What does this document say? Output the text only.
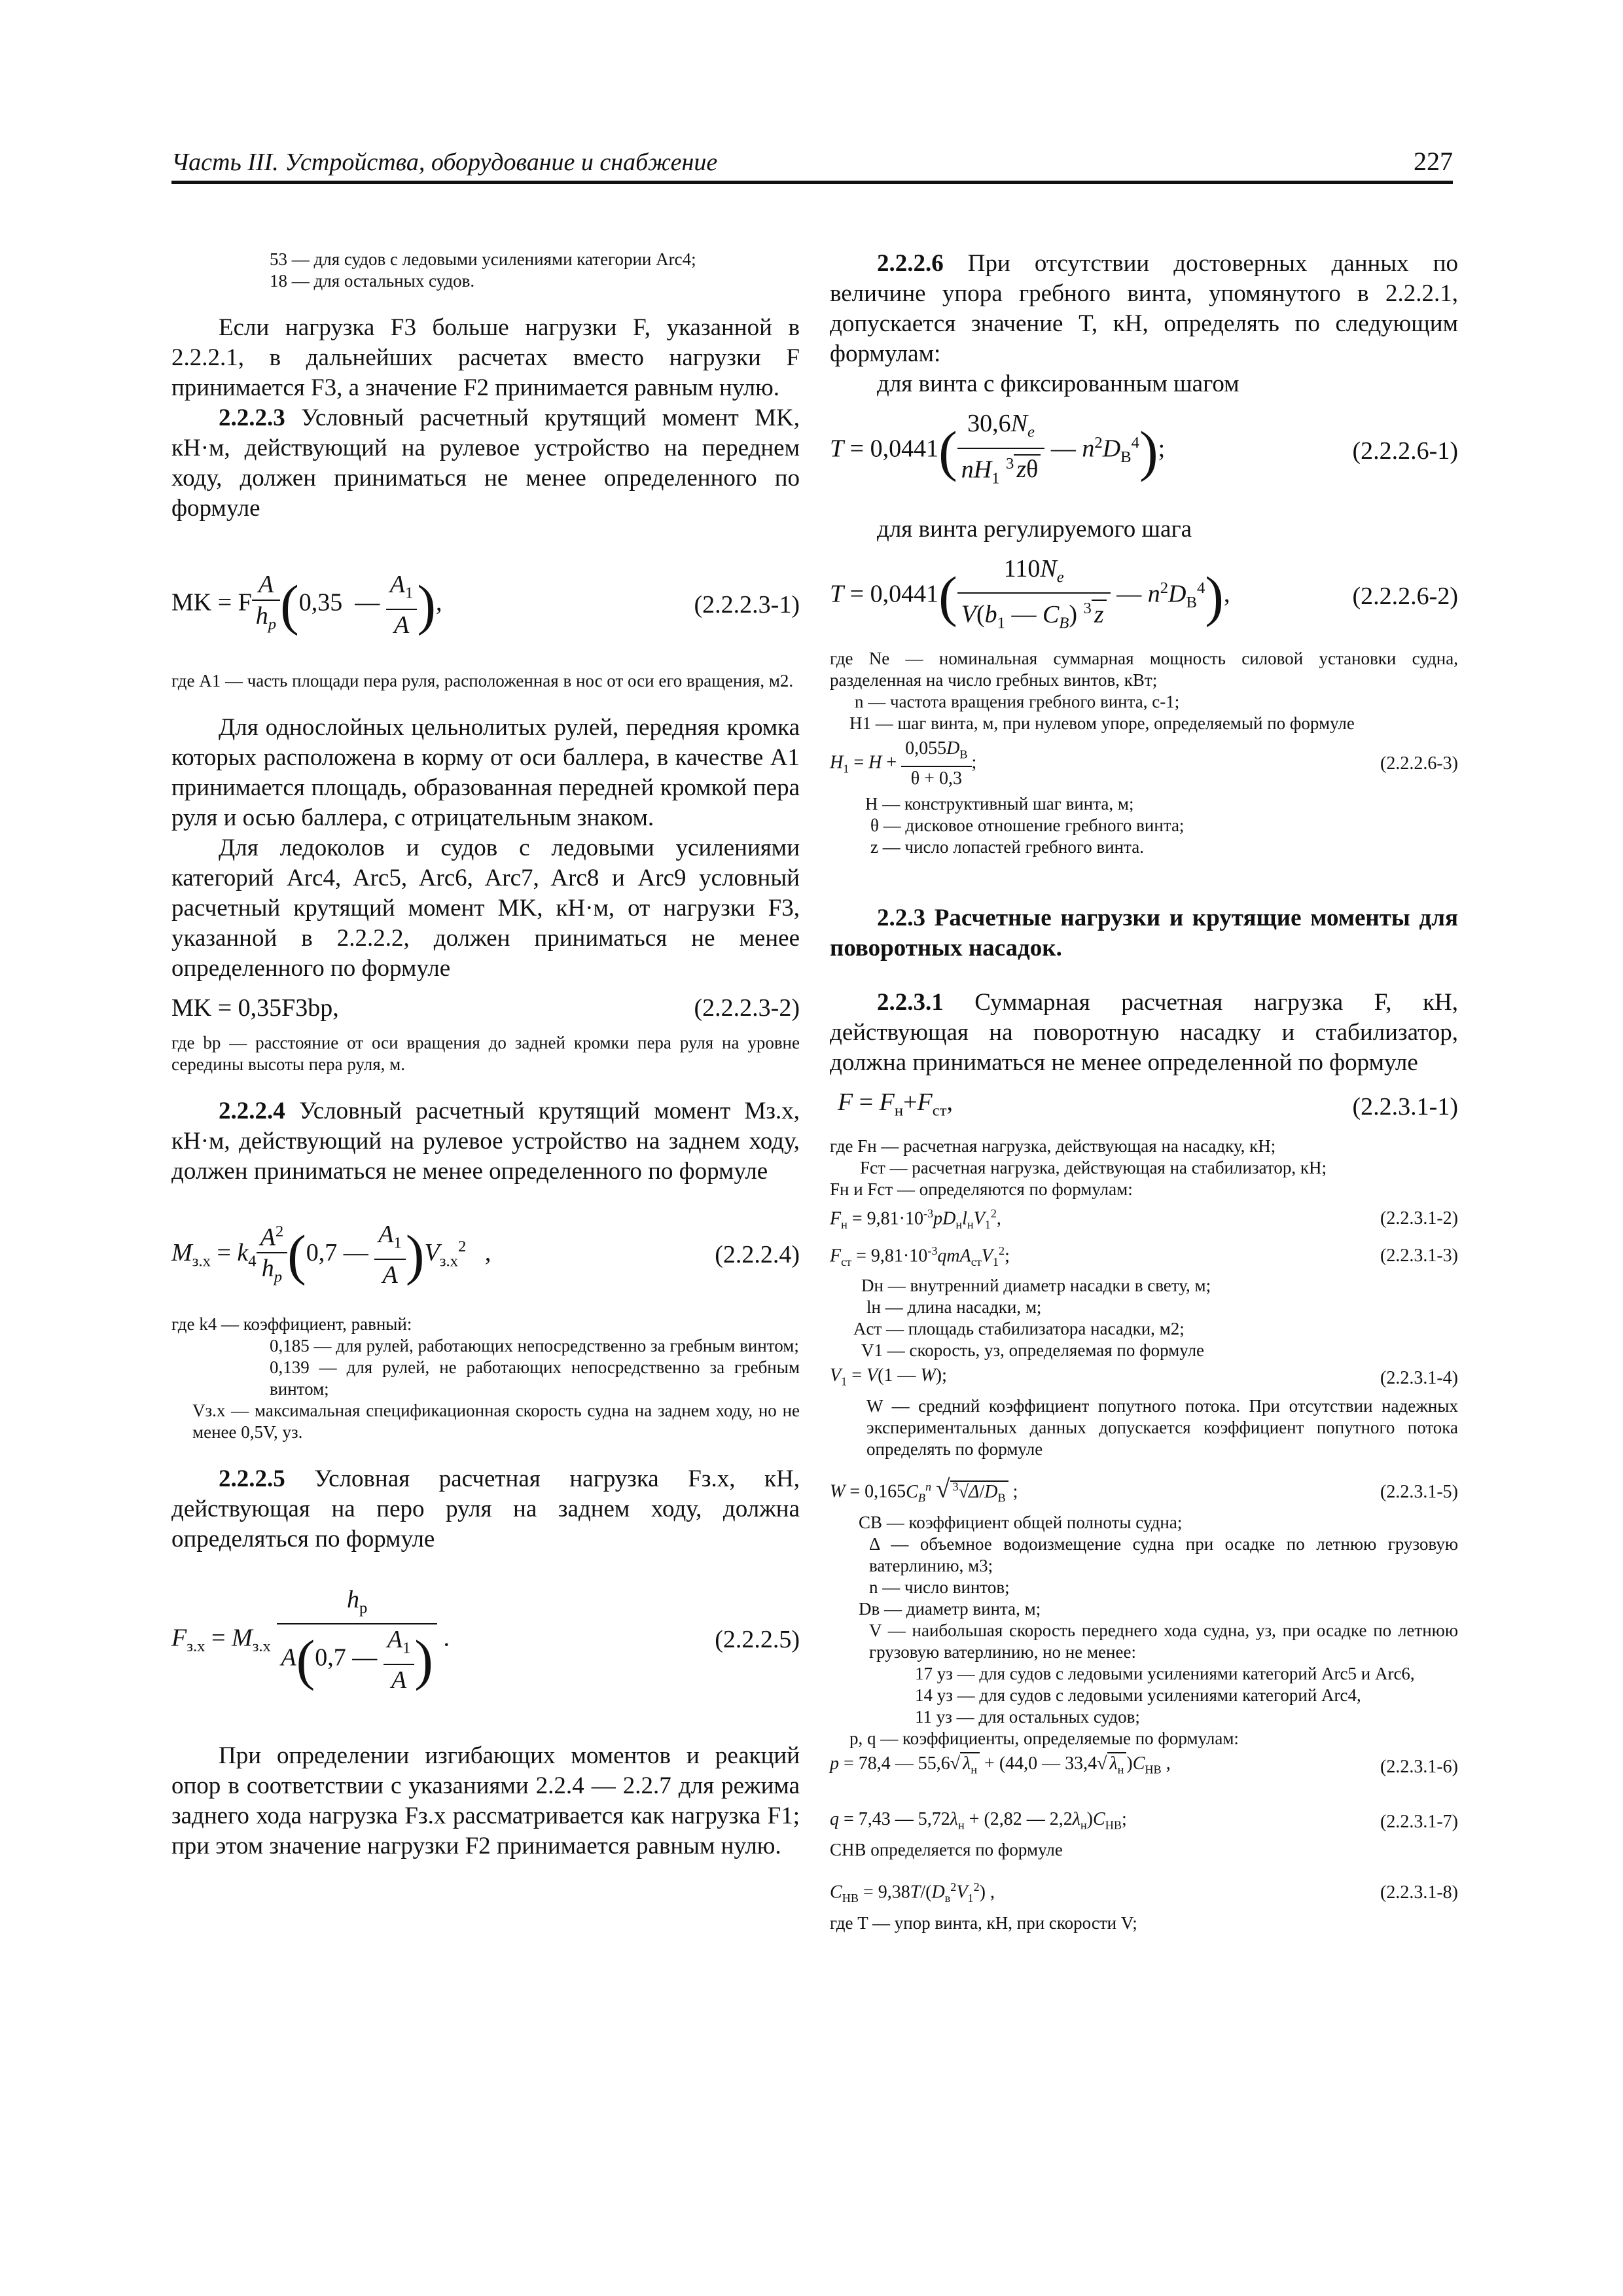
Часть III. Устройства, оборудование и снабжение	227

53 — для судов с ледовыми усилениями категории Arc4;

18 — для остальных судов.

Если нагрузка F3 больше нагрузки F, указанной в 2.2.2.1, в дальнейших расчетах вместо нагрузки F принимается F3, а значение F2 принимается равным нулю.

2.2.2.3 Условный расчетный крутящий момент MK, кН·м, действующий на рулевое устройство на переднем ходу, должен приниматься не менее определенного по формуле

MK = F $\frac{A}{h_p} (0,35$  — $\frac{A_1}{A}$ ),	(2.2.2.3-1)

где A1 — часть площади пера руля, расположенная в нос от оси его вращения, м2.

Для однослойных цельнолитых рулей, передняя кромка которых расположена в корму от оси баллера, в качестве A1 принимается площадь, образованная передней кромкой пера руля и осью баллера, с отрицательным знаком.

Для ледоколов и судов с ледовыми усилениями категорий Arc4, Arc5, Arc6, Arc7, Arc8 и Arc9 условный расчетный крутящий момент MK, кН·м, от нагрузки F3, указанной в 2.2.2.2, должен приниматься не менее определенного по формуле

MK = 0,35F3bp,	(2.2.2.3-2)

где bp — расстояние от оси вращения до задней кромки пера руля на уровне середины высоты пера руля, м.

2.2.2.4 Условный расчетный крутящий момент Mз.х, кН·м, действующий на рулевое устройство на заднем ходу, должен приниматься не менее определенного по формуле

$M_{з.х} = k_4 \frac{A^2}{h_p} (0,7$ — $\frac{A_1}{A} )V_{з.х}^2$   ,	(2.2.2.4)

где k4 — коэффициент, равный:

0,185 — для рулей, работающих непосредственно за гребным винтом;

0,139 — для рулей, не работающих непосредственно за гребным винтом;

Vз.х — максимальная спецификационная скорость судна на заднем ходу, но не менее 0,5V, уз.

2.2.2.5 Условная расчетная нагрузка Fз.х, кН, действующая на перо руля на заднем ходу, должна определяться по формуле

$F_{з.х} = M_{з.х} \frac{h_p}{A(0,7 — \frac{A_1}{A} )}$ .	(2.2.2.5)

При определении изгибающих моментов и реакций опор в соответствии с указаниями 2.2.4 — 2.2.7 для режима заднего хода нагрузка Fз.х рассматривается как нагрузка F1; при этом значение нагрузки F2 принимается равным нулю.

2.2.2.6 При отсутствии достоверных данных по величине упора гребного винта, упомянутого в 2.2.2.1, допускается значение T, кН, определять по следующим формулам:

для винта с фиксированным шагом

$T = 0,0441( \frac{30,6N_e}{nH_1 ^3 z\theta}$ — $n^2D_В^4$);	(2.2.2.6-1)

для винта регулируемого шага

$T = 0,0441( \frac{110N_e}{V(b_1 — C_B) ^3 z}$ — $n^2D_В^4$),	(2.2.2.6-2)

где Ne — номинальная суммарная мощность силовой установки судна, разделенная на число гребных винтов, кВт;

n — частота вращения гребного винта, с-1;

H1 — шаг винта, м, при нулевом упоре, определяемый по формуле

$H_1 = H + \frac{0,055D_В}{\theta + 0,3}$ ;	(2.2.2.6-3)

H — конструктивный шаг винта, м;

θ — дисковое отношение гребного винта;

z — число лопастей гребного винта.

2.2.3 Расчетные нагрузки и крутящие моменты для поворотных насадок.

2.2.3.1 Суммарная расчетная нагрузка F, кН, действующая на поворотную насадку и стабилизатор, должна приниматься не менее определенной по формуле

$F = F_н+F_{ст}$,	(2.2.3.1-1)

где Fн — расчетная нагрузка, действующая на насадку, кН;

Fст — расчетная нагрузка, действующая на стабилизатор, кН;

Fн и Fст — определяются по формулам:

$F_н = 9,81\cdot 10^{-3}pD_нl_нV_1^2$,	(2.2.3.1-2)
$F_{ст} = 9,81\cdot 10^{-3}qmA_{ст}V_1^2$;	(2.2.3.1-3)

Dн — внутренний диаметр насадки в свету, м;

lн — длина насадки, м;

Aст — площадь стабилизатора насадки, м2;

V1 — скорость, уз, определяемая по формуле

$V_1 = V(1$ — W);	(2.2.3.1-4)

W — средний коэффициент попутного потока. При отсутствии надежных экспериментальных данных допускается коэффициент попутного потока определять по формуле

$W = 0,165C_B^n$ √ $^3√\Delta/D_В$ ;	(2.2.3.1-5)

CB — коэффициент общей полноты судна;

Δ — объемное водоизмещение судна при осадке по летнюю грузовую ватерлинию, м3;

n — число винтов;

Dв — диаметр винта, м;

V — наибольшая скорость переднего хода судна, уз, при осадке по летнюю грузовую ватерлинию, но не менее:

17 уз — для судов с ледовыми усилениями категорий Arc5 и Arc6,

14 уз — для судов с ледовыми усилениями категорий Arc4,

11 уз — для остальных судов;

p, q — коэффициенты, определяемые по формулам:

p = 78,4 — 55,6√ $\lambda_н + (44,0$ — 33,4√ $\lambda_н$ )$C_{НВ}$ ,	(2.2.3.1-6)
q = 7,43 — $5,72\lambda_н + (2,82$ — $2,2\lambda_н)C_{НВ}$;	(2.2.3.1-7)

CНВ определяется по формуле

$C_{НВ} = 9,38T/(D_в^2V_1^2)$ ,	(2.2.3.1-8)

где T — упор винта, кН, при скорости V;
